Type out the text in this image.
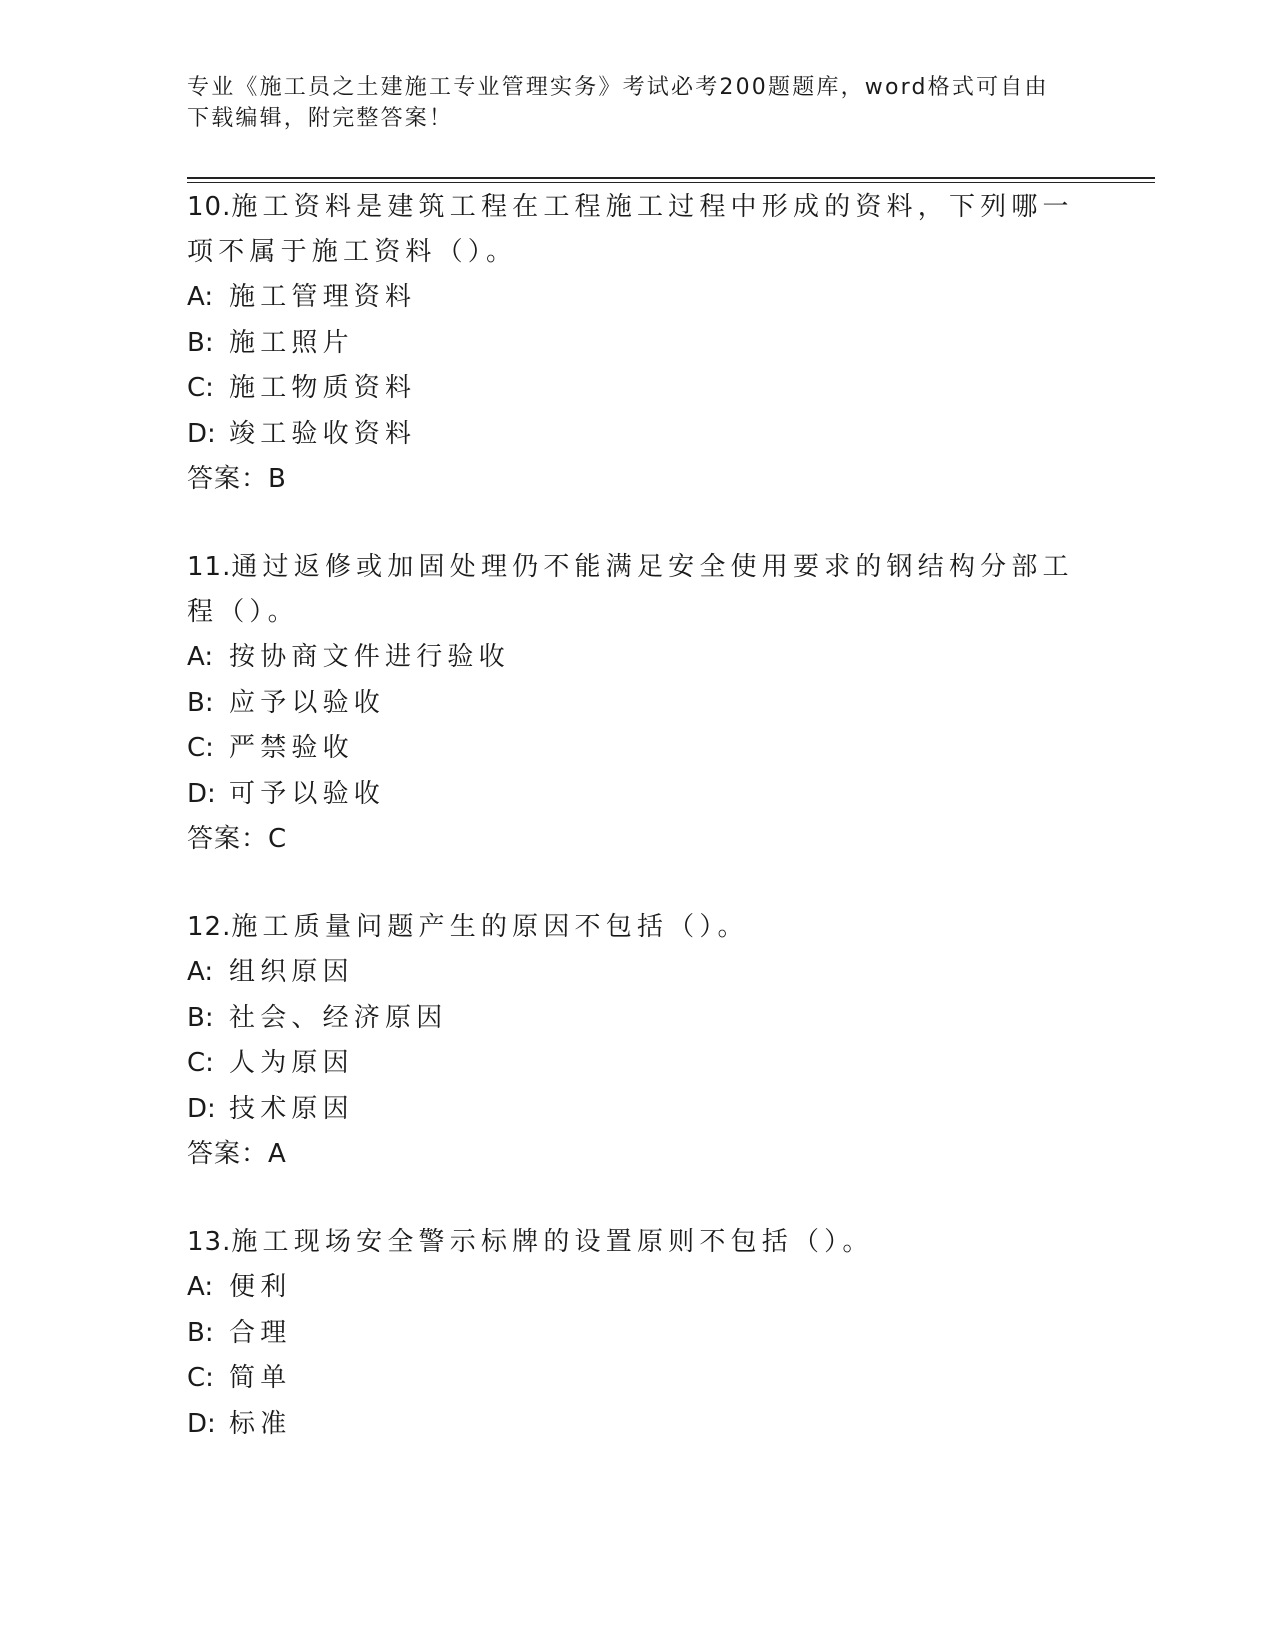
专业《施工员之土建施工专业管理实务》考试必考200题题库，word格式可自由下载编辑，附完整答案！

10.施工资料是建筑工程在工程施工过程中形成的资料，下列哪一项不属于施工资料（）。

A: 施工管理资料
B: 施工照片
C: 施工物质资料
D: 竣工验收资料

答案：B

11.通过返修或加固处理仍不能满足安全使用要求的钢结构分部工程（）。

A: 按协商文件进行验收
B: 应予以验收
C: 严禁验收
D: 可予以验收

答案：C

12.施工质量问题产生的原因不包括（）。

A: 组织原因
B: 社会、经济原因
C: 人为原因
D: 技术原因

答案：A

13.施工现场安全警示标牌的设置原则不包括（）。

A: 便利
B: 合理
C: 简单
D: 标准
